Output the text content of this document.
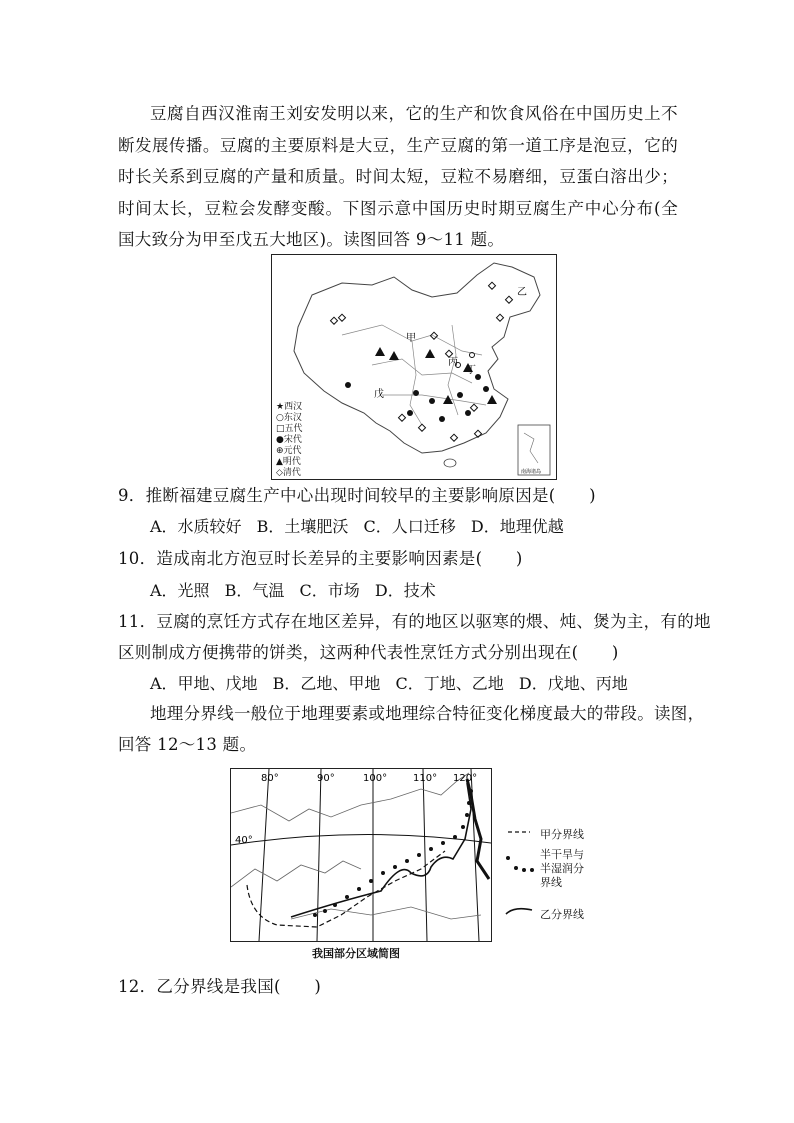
豆腐自西汉淮南王刘安发明以来，它的生产和饮食风俗在中国历史上不断发展传播。豆腐的主要原料是大豆，生产豆腐的第一道工序是泡豆，它的时长关系到豆腐的产量和质量。时间太短，豆粒不易磨细，豆蛋白溶出少；时间太长，豆粒会发酵变酸。下图示意中国历史时期豆腐生产中心分布(全国大致分为甲至戊五大地区)。读图回答 9～11 题。

甲
乙
丙
丁
戊
南海诸岛
★西汉
○东汉
□五代
●宋代
⊕元代
▲明代
◇清代
9．推断福建豆腐生产中心出现时间较早的主要影响原因是(　　)
A．水质较好 B．土壤肥沃 C．人口迁移 D．地理优越
10．造成南北方泡豆时长差异的主要影响因素是(　　)
A．光照 B．气温 C．市场 D．技术
11．豆腐的烹饪方式存在地区差异，有的地区以驱寒的煨、炖、煲为主，有的地
区则制成方便携带的饼类，这两种代表性烹饪方式分别出现在(　　)
A．甲地、戊地 B．乙地、甲地 C．丁地、乙地 D．戊地、丙地
地理分界线一般位于地理要素或地理综合特征变化梯度最大的带段。读图，
回答 12～13 题。
80°	90°	100°	110° 120°
40°	甲分界线
半干旱与
半湿润分
界线
乙分界线
我国部分区域简图
12．乙分界线是我国(　　)
